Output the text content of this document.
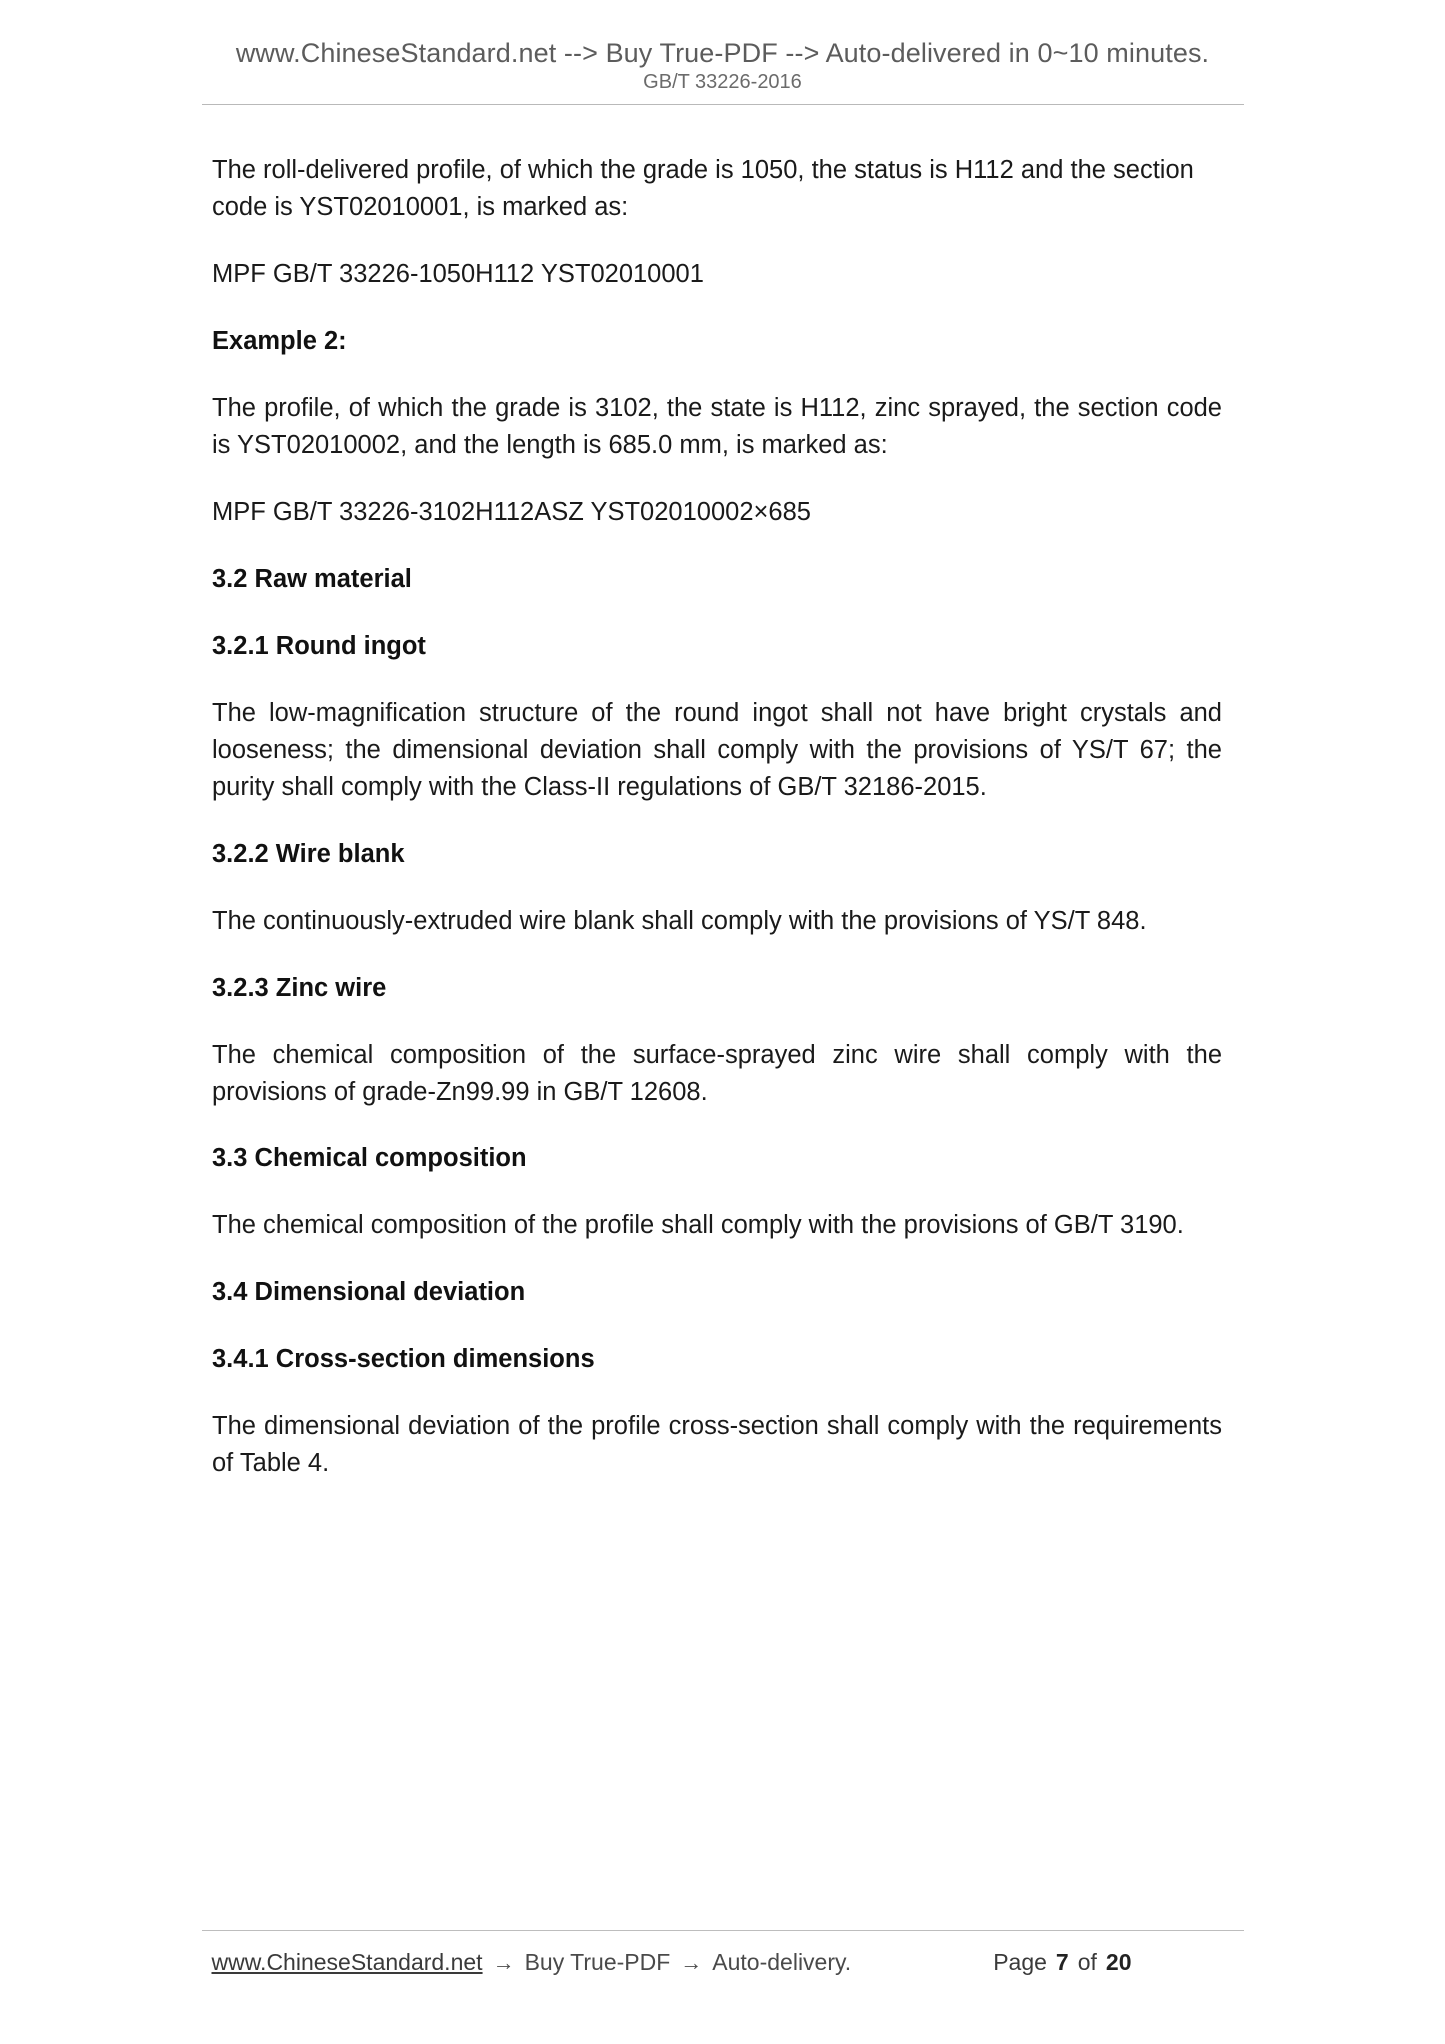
www.ChineseStandard.net --> Buy True-PDF --> Auto-delivered in 0~10 minutes.
GB/T 33226-2016

The roll-delivered profile, of which the grade is 1050, the status is H112 and the section code is YST02010001, is marked as:

MPF GB/T 33226-1050H112 YST02010001

Example 2:

The profile, of which the grade is 3102, the state is H112, zinc sprayed, the section code is YST02010002, and the length is 685.0 mm, is marked as:

MPF GB/T 33226-3102H112ASZ YST02010002×685

3.2 Raw material

3.2.1 Round ingot

The low-magnification structure of the round ingot shall not have bright crystals and looseness; the dimensional deviation shall comply with the provisions of YS/T 67; the purity shall comply with the Class-II regulations of GB/T 32186-2015.

3.2.2 Wire blank

The continuously-extruded wire blank shall comply with the provisions of YS/T 848.

3.2.3 Zinc wire

The chemical composition of the surface-sprayed zinc wire shall comply with the provisions of grade-Zn99.99 in GB/T 12608.

3.3 Chemical composition

The chemical composition of the profile shall comply with the provisions of GB/T 3190.

3.4 Dimensional deviation

3.4.1 Cross-section dimensions

The dimensional deviation of the profile cross-section shall comply with the requirements of Table 4.

www.ChineseStandard.net → Buy True-PDF → Auto-delivery.	Page 7 of 20
